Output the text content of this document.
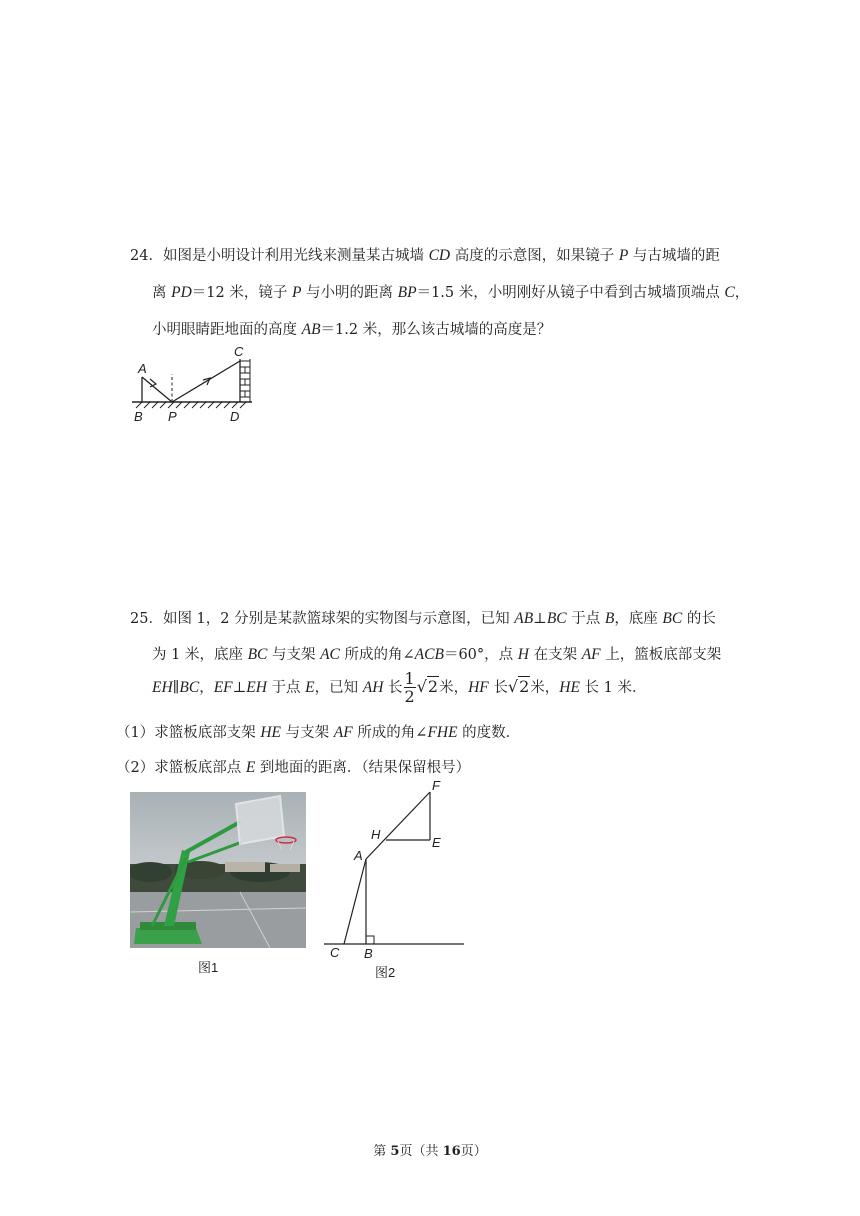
24．如图是小明设计利用光线来测量某古城墙 CD 高度的示意图，如果镜子 P 与古城墙的距
离 PD＝12 米，镜子 P 与小明的距离 BP＝1.5 米，小明刚好从镜子中看到古城墙顶端点 C，
小明眼睛距地面的高度 AB＝1.2 米，那么该古城墙的高度是？
A
B P
C
D
25．如图 1，2 分别是某款篮球架的实物图与示意图，已知 AB⊥BC 于点 B，底座 BC 的长
为 1 米，底座 BC 与支架 AC 所成的角∠ACB＝60°，点 H 在支架 AF 上，篮板底部支架
EH∥BC，EF⊥EH 于点 E，已知 AH 长 $\frac{1}{2} √2$米，HF 长√2米，HE 长 1 米．
（1）求篮板底部支架 HE 与支架 AF 所成的角∠FHE 的度数．
（2）求篮板底部点 E 到地面的距离．（结果保留根号）
图1
F
H
E
A
C B
图2
第 5页（共 16页）
